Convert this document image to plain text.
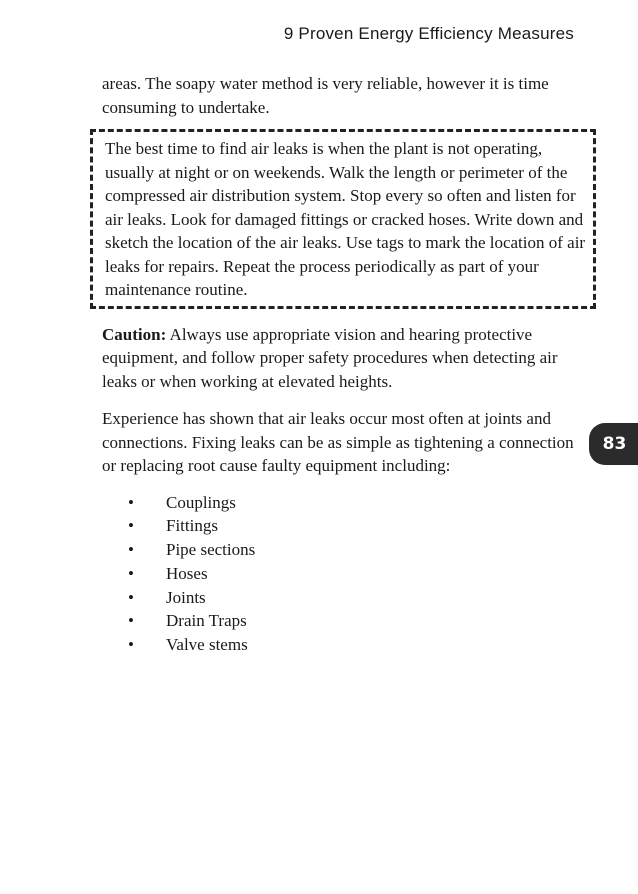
9 Proven Energy Efficiency Measures

areas. The soapy water method is very reliable, however it is time consuming to undertake.

The best time to find air leaks is when the plant is not operating, usually at night or on weekends. Walk the length or perimeter of the compressed air distribution system. Stop every so often and listen for air leaks. Look for damaged fittings or cracked hoses. Write down and sketch the location of the air leaks. Use tags to mark the location of air leaks for repairs. Repeat the process periodically as part of your maintenance routine.

Caution: Always use appropriate vision and hearing protective equipment, and follow proper safety procedures when detecting air leaks or when working at elevated heights.

Experience has shown that air leaks occur most often at joints and connections. Fixing leaks can be as simple as tightening a connection or replacing root cause faulty equipment including:

• Couplings
• Fittings
• Pipe sections
• Hoses
• Joints
• Drain Traps
• Valve stems
83
